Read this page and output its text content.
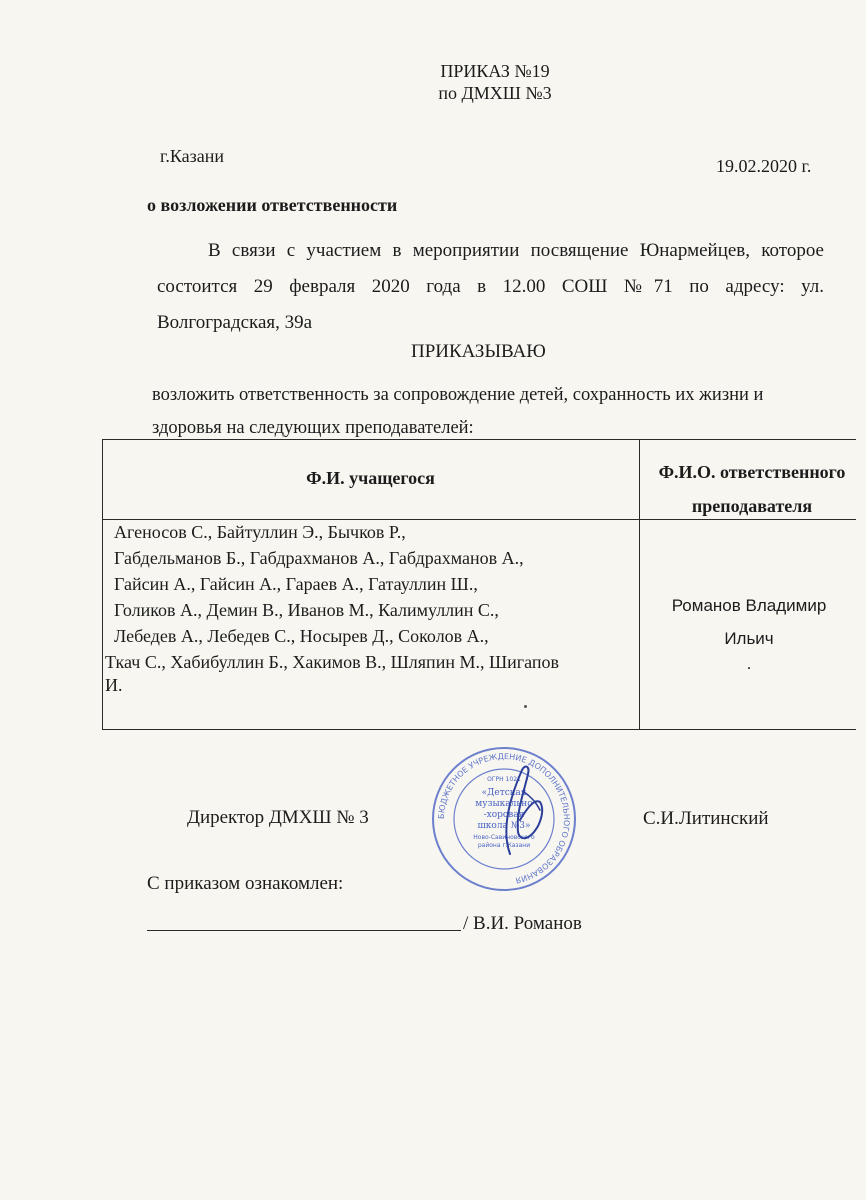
ПРИКАЗ №19
по ДМХШ №3
г.Казани	19.02.2020 г.
о возложении ответственности
В связи с участием в мероприятии посвящение Юнармейцев, которое
состоится 29 февраля 2020 года в 12.00 СОШ №71 по адресу: ул.
Волгоградская, 39а
ПРИКАЗЫВАЮ
возложить ответственность за сопровождение детей, сохранность их жизни и
здоровья на следующих преподавателей:
Ф.И. учащегося	Ф.И.О. ответственного
преподавателя
Агеносов С., Байтуллин Э., Бычков Р.,
Габдельманов Б., Габдрахманов А., Габдрахманов А.,
Гайсин А., Гайсин А., Гараев А., Гатауллин Ш.,
Голиков А., Демин В., Иванов М., Калимуллин С.,
Лебедев А., Лебедев С., Носырев Д., Соколов А.,
Ткач С., Хабибуллин Б., Хакимов В., Шляпин М., Шигапов
И.
Романов Владимир
Ильич
.
БЮДЖЕТНОЕ УЧРЕЖДЕНИЕ ДОПОЛНИТЕЛЬНОГО ОБРАЗОВАНИЯ
«Детская
музыкально
-хоровая
школа №3»
Ново-Савиновского
района г.Казани
ОГРН 1021
Директор ДМХШ № 3	С.И.Литинский
С приказом ознакомлен:
/ В.И. Романов
